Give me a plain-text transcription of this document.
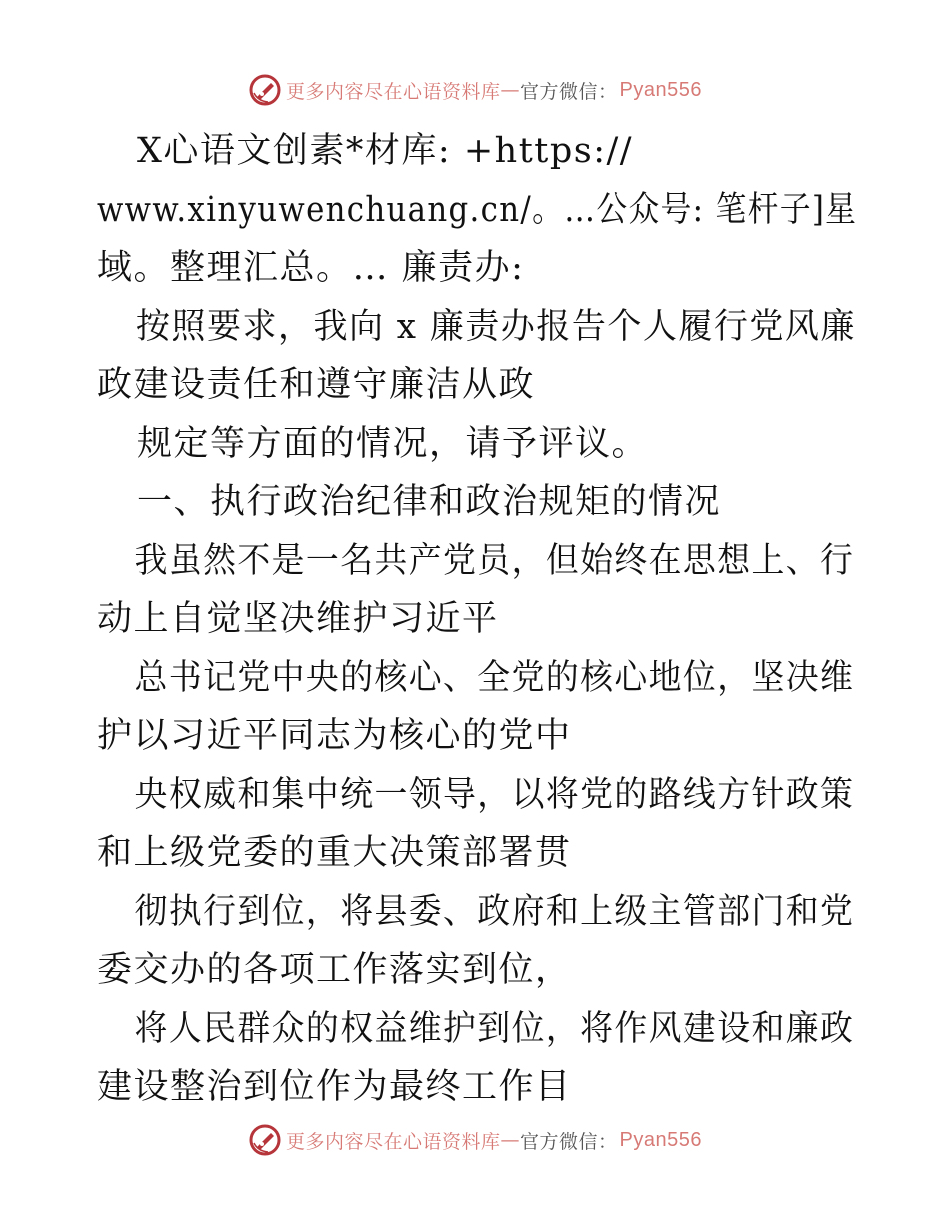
更多内容尽在心语资料库 — 官方微信： Pyan556
X心语文创素*材库: +https://
www.xinyuwenchuang.cn/。…公众号: 笔杆子]星
域。整理汇总。… 廉责办:
按照要求，我向 x 廉责办报告个人履行党风廉
政建设责任和遵守廉洁从政
规定等方面的情况，请予评议。
一、执行政治纪律和政治规矩的情况
我虽然不是一名共产党员，但始终在思想上、行
动上自觉坚决维护习近平
总书记党中央的核心、全党的核心地位，坚决维
护以习近平同志为核心的党中
央权威和集中统一领导，以将党的路线方针政策
和上级党委的重大决策部署贯
彻执行到位，将县委、政府和上级主管部门和党
委交办的各项工作落实到位，
将人民群众的权益维护到位，将作风建设和廉政
建设整治到位作为最终工作目
更多内容尽在心语资料库 — 官方微信： Pyan556
